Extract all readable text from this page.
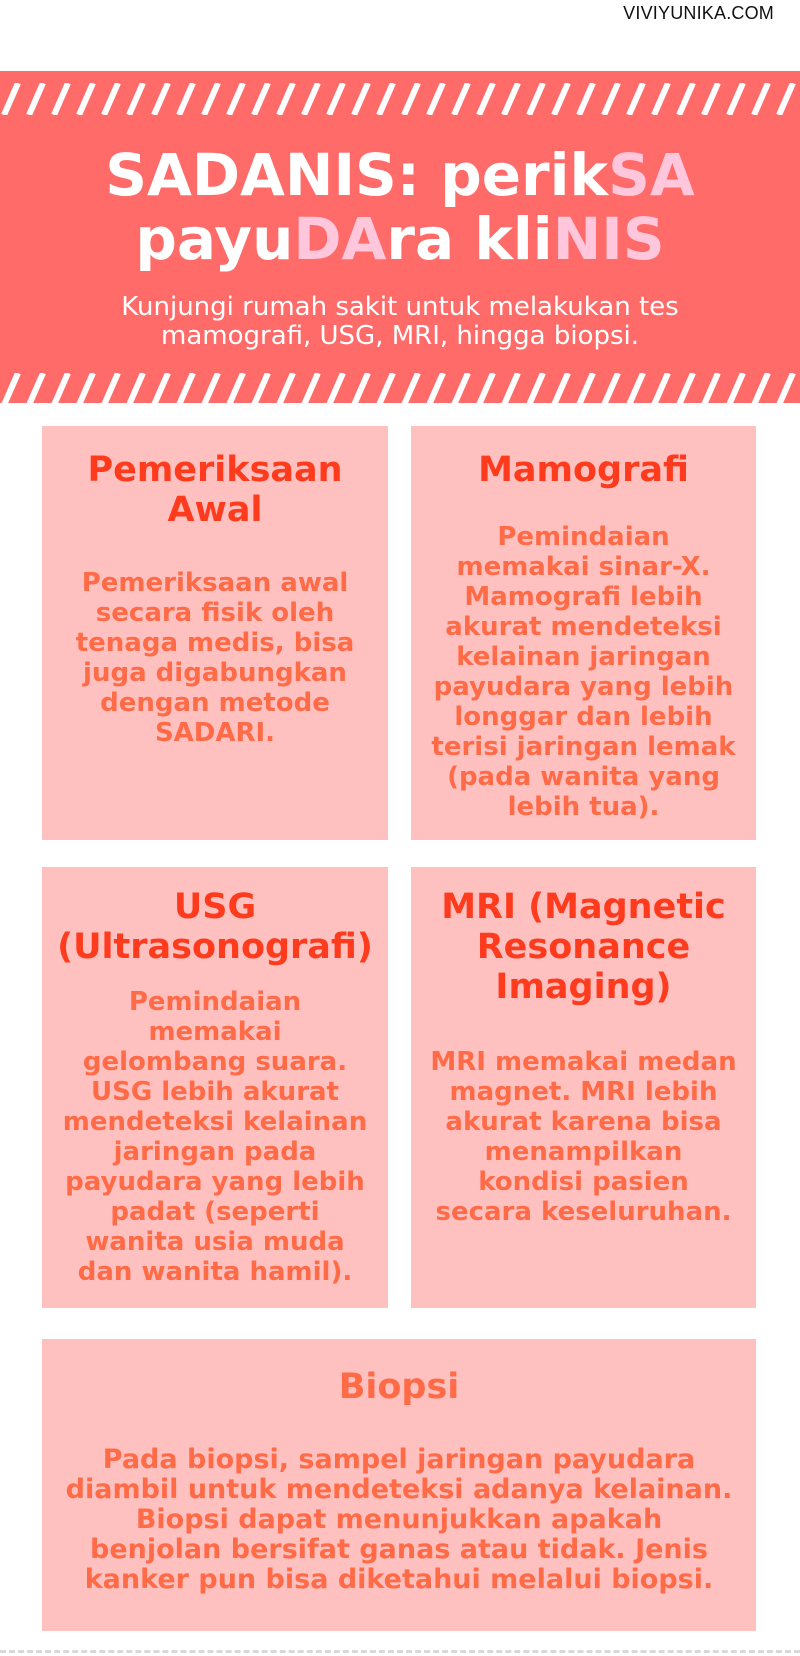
VIVIYUNIKA.COM
SADANIS: perikSA
payuDAra kliNIS
Kunjungi rumah sakit untuk melakukan tes
mamografi, USG, MRI, hingga biopsi.
Pemeriksaan
Awal
Pemeriksaan awal
secara fisik oleh
tenaga medis, bisa
juga digabungkan
dengan metode
SADARI.
Mamografi
Pemindaian
memakai sinar-X.
Mamografi lebih
akurat mendeteksi
kelainan jaringan
payudara yang lebih
longgar dan lebih
terisi jaringan lemak
(pada wanita yang
lebih tua).
USG
(Ultrasonografi)
Pemindaian
memakai
gelombang suara.
USG lebih akurat
mendeteksi kelainan
jaringan pada
payudara yang lebih
padat (seperti
wanita usia muda
dan wanita hamil).
MRI (Magnetic
Resonance
Imaging)
MRI memakai medan
magnet. MRI lebih
akurat karena bisa
menampilkan
kondisi pasien
secara keseluruhan.
Biopsi
Pada biopsi, sampel jaringan payudara
diambil untuk mendeteksi adanya kelainan.
Biopsi dapat menunjukkan apakah
benjolan bersifat ganas atau tidak. Jenis
kanker pun bisa diketahui melalui biopsi.
